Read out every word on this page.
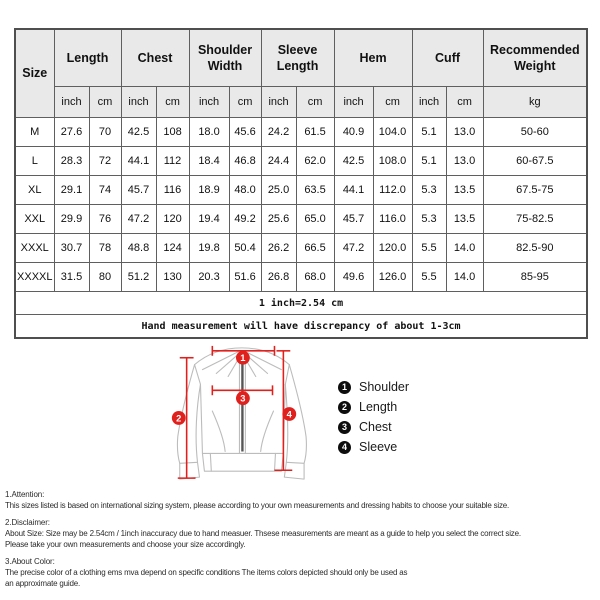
Size	Length		Chest		Shoulder Width		Sleeve Length		Hem		Cuff		Recommended Weight
	inch	cm	inch	cm	inch	cm	inch	cm	inch	cm	inch	cm	kg
M	27.6	70	42.5	108	18.0	45.6	24.2	61.5	40.9	104.0	5.1	13.0	50-60
L	28.3	72	44.1	112	18.4	46.8	24.4	62.0	42.5	108.0	5.1	13.0	60-67.5
XL	29.1	74	45.7	116	18.9	48.0	25.0	63.5	44.1	112.0	5.3	13.5	67.5-75
XXL	29.9	76	47.2	120	19.4	49.2	25.6	65.0	45.7	116.0	5.3	13.5	75-82.5
XXXL	30.7	78	48.8	124	19.8	50.4	26.2	66.5	47.2	120.0	5.5	14.0	82.5-90
XXXXL	31.5	80	51.2	130	20.3	51.6	26.8	68.0	49.6	126.0	5.5	14.0	85-95
1 inch=2.54 cm													
Hand measurement will have discrepancy of about 1-3cm													
1
2
3
4
1 Shoulder
2 Length
3 Chest
4 Sleeve
1.Attention:
This sizes listed is based on international sizing system, please according to your own measurements and dressing habits to choose your suitable size.
2.Disclaimer:
About Size: Size may be 2.54cm / 1inch inaccuracy due to hand measuer. Thsese measurements are meant as a guide to help you select the correct size.
Please take your own measurements and choose your size accordingly.
3.About Color:
The precise color of a clothing ems mva depend on specific conditions The items colors depicted should only be used as
an approximate guide.
